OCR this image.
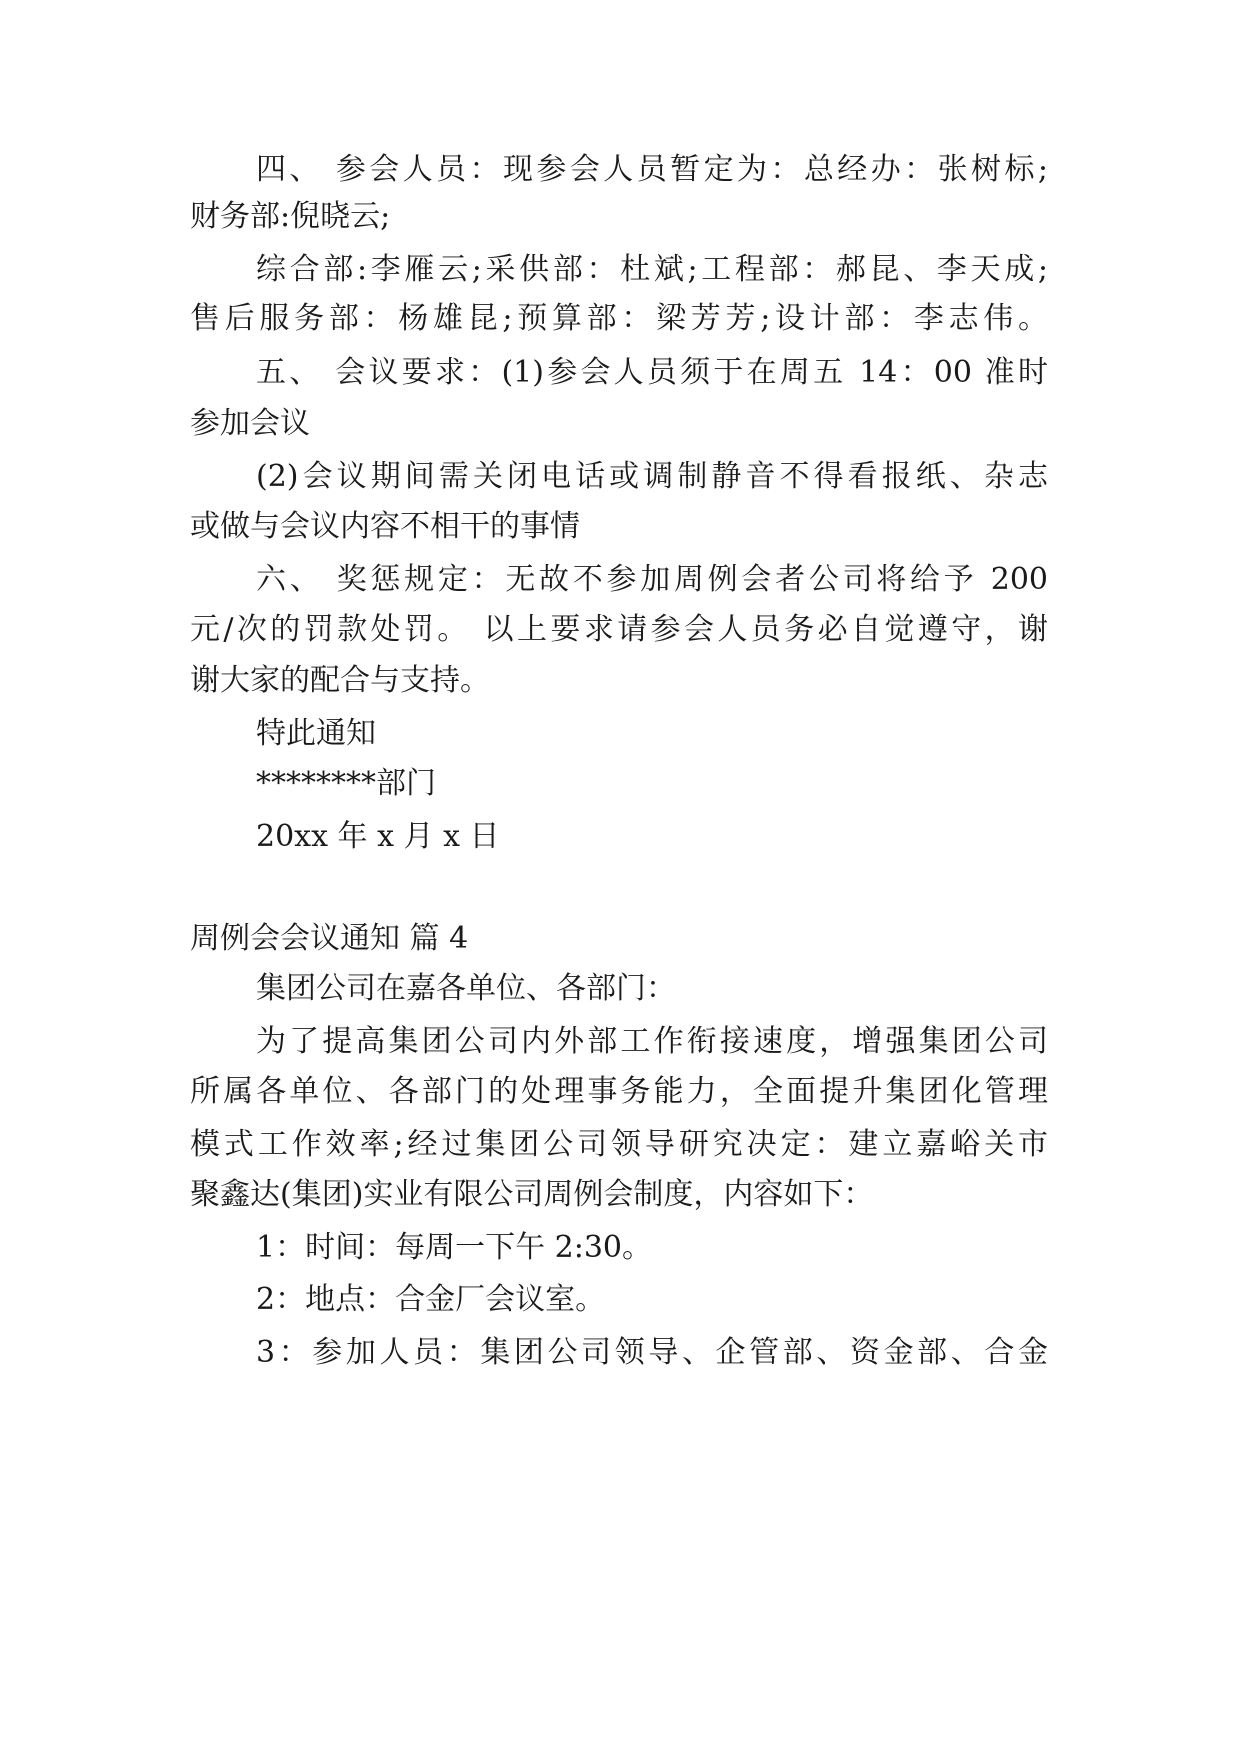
四、 参会人员：现参会人员暂定为：总经办：张树标;
财务部:倪晓云;
综合部:李雁云;采供部：杜斌;工程部：郝昆、李天成;
售后服务部：杨雄昆;预算部：梁芳芳;设计部：李志伟。
五、 会议要求：(1)参会人员须于在周五 14：00 准时
参加会议
(2)会议期间需关闭电话或调制静音不得看报纸、杂志
或做与会议内容不相干的事情
六、 奖惩规定：无故不参加周例会者公司将给予 200
元/次的罚款处罚。 以上要求请参会人员务必自觉遵守，谢
谢大家的配合与支持。
特此通知
********部门
20xx 年 x 月 x 日
周例会会议通知 篇 4
集团公司在嘉各单位、各部门：
为了提高集团公司内外部工作衔接速度，增强集团公司
所属各单位、各部门的处理事务能力，全面提升集团化管理
模式工作效率;经过集团公司领导研究决定：建立嘉峪关市
聚鑫达(集团)实业有限公司周例会制度，内容如下：
1：时间：每周一下午 2:30。
2：地点：合金厂会议室。
3：参加人员：集团公司领导、企管部、资金部、合金
